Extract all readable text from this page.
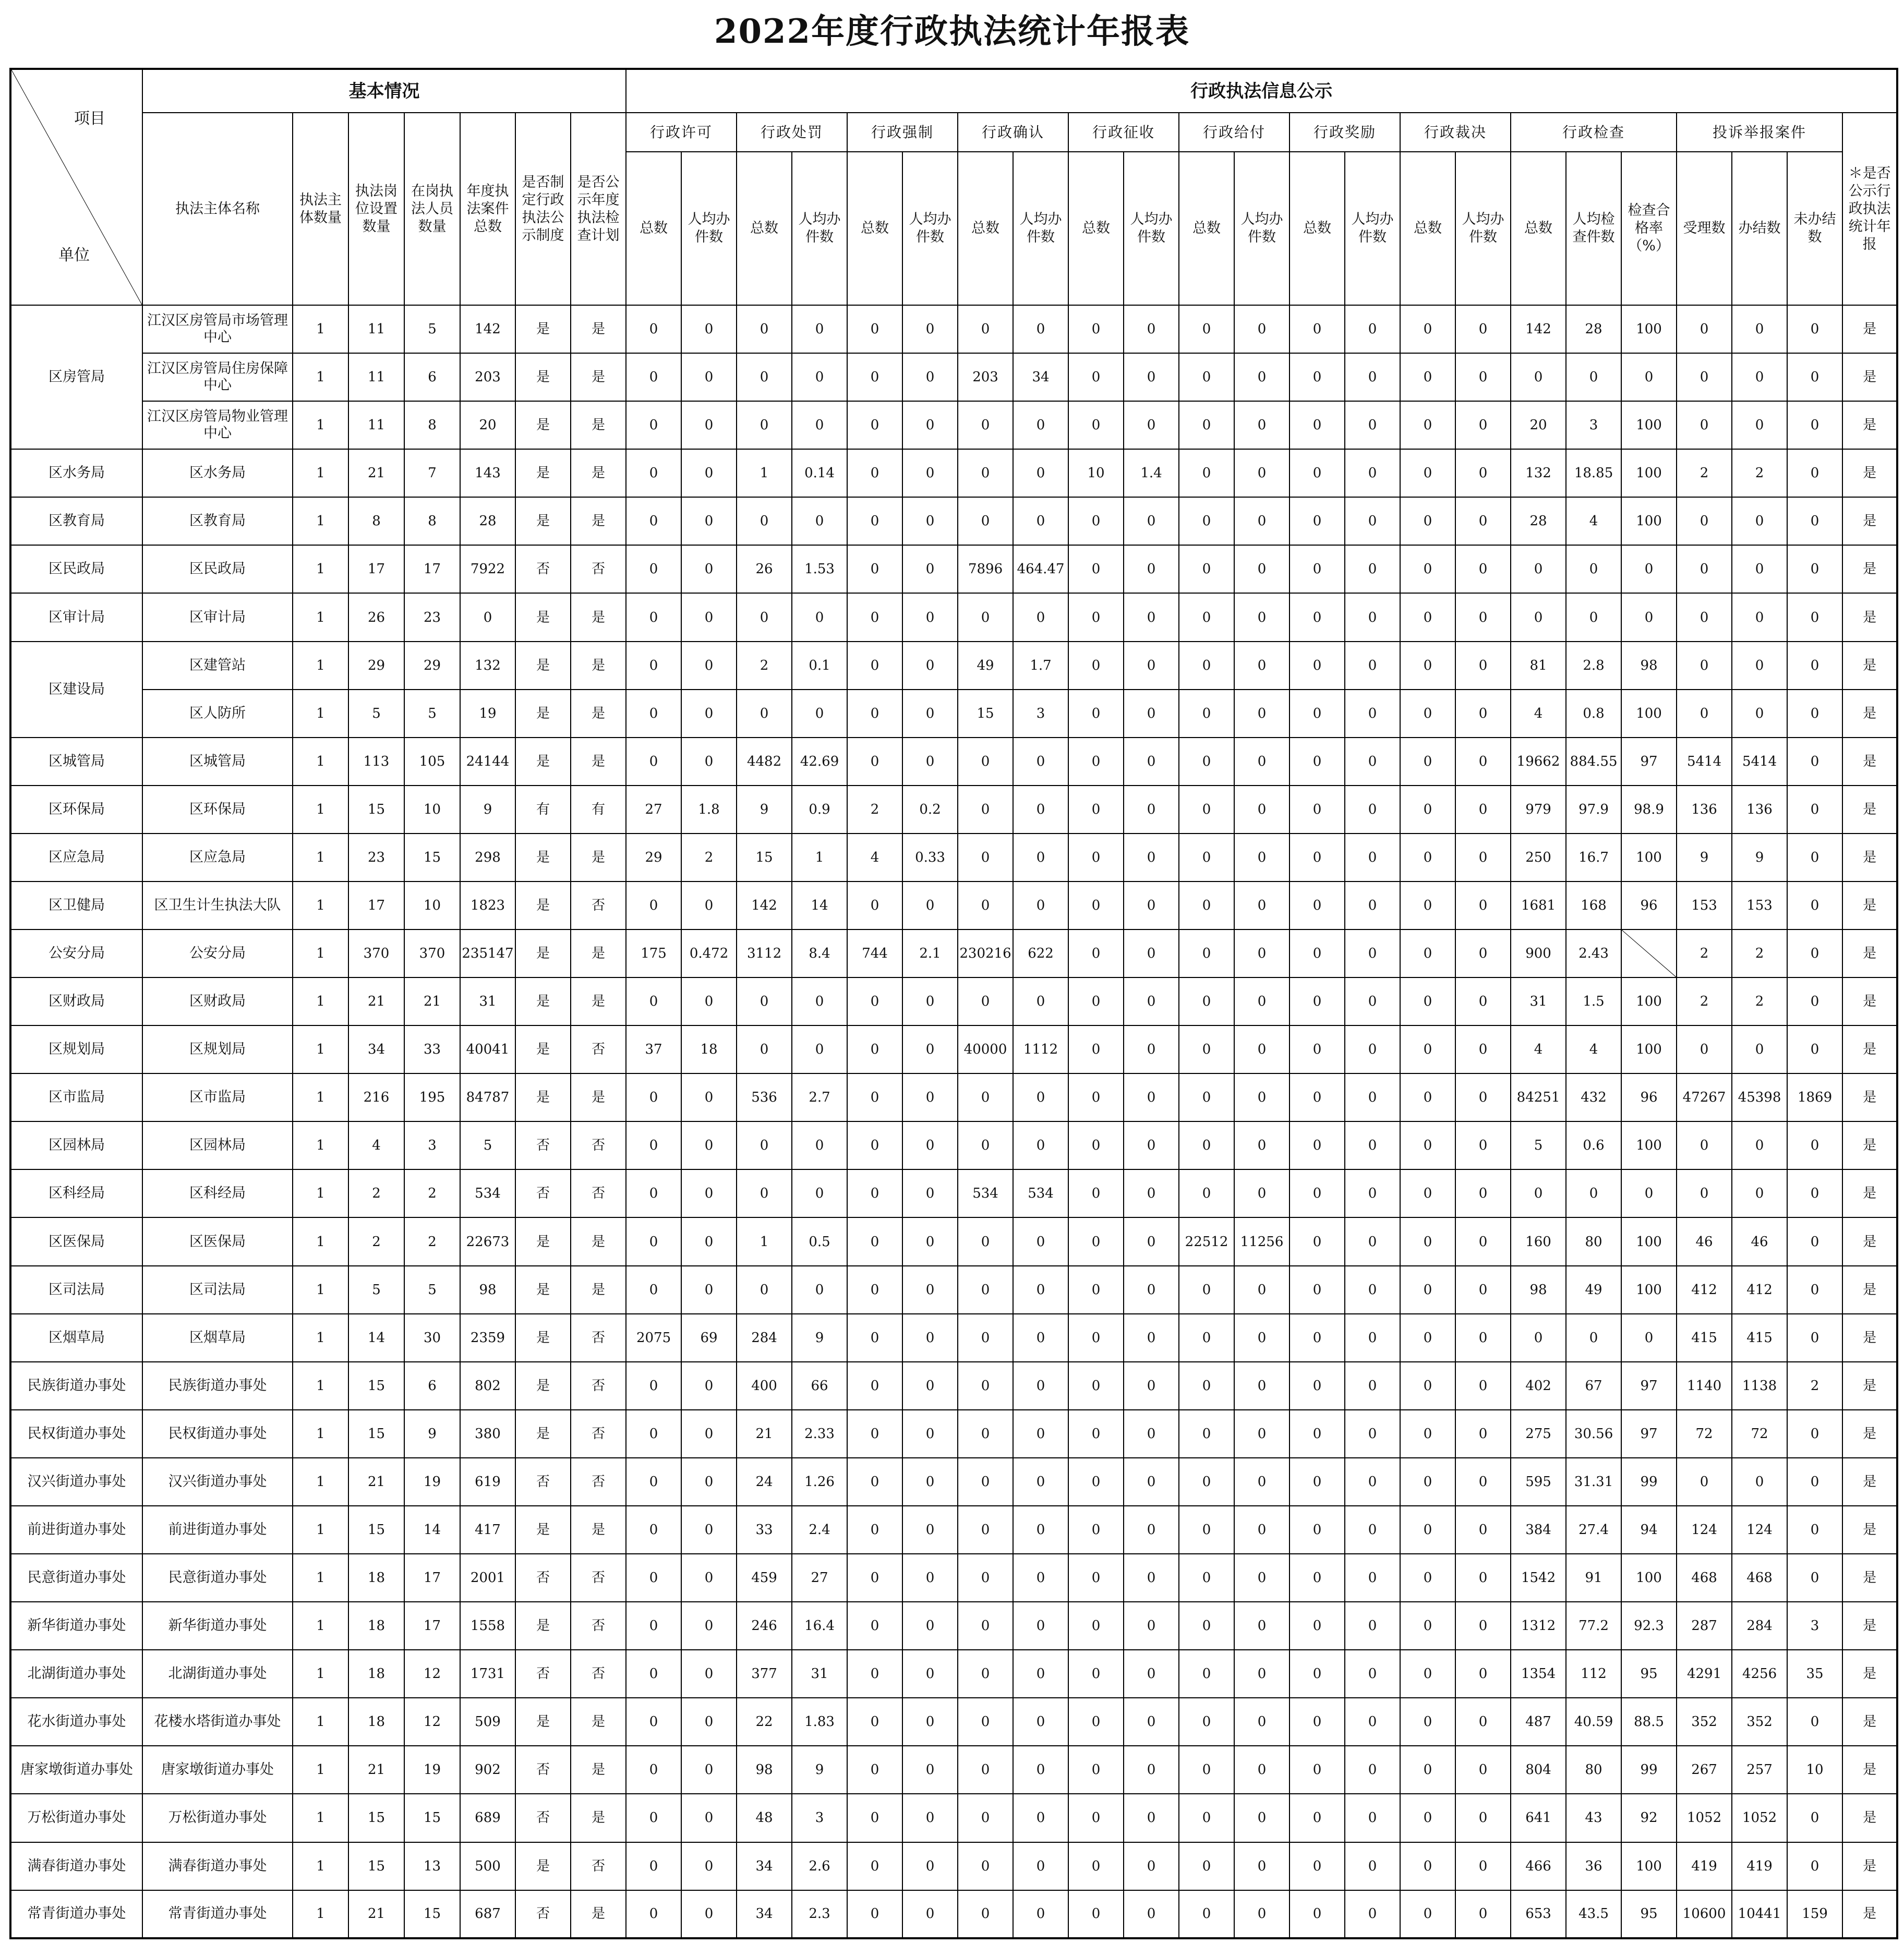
2022年度行政执法统计年报表
项目
单位	基本情况							行政执法信息公示																						
	执法主体名称	执法主体数量	执法岗位设置数量	在岗执法人员数量	年度执法案件总数	是否制定行政执法公示制度	是否公示年度执法检查计划	行政许可		行政处罚		行政强制		行政确认		行政征收		行政给付		行政奖励		行政裁决		行政检查			投诉举报案件			＊是否公示行政执法统计年报
								总数	人均办件数	总数	人均办件数	总数	人均办件数	总数	人均办件数	总数	人均办件数	总数	人均办件数	总数	人均办件数	总数	人均办件数	总数	人均检查件数	检查合格率（%）	受理数	办结数	未办结数	
区房管局	江汉区房管局市场管理中心	1	11	5	142	是	是	0	0	0	0	0	0	0	0	0	0	0	0	0	0	0	0	142	28	100	0	0	0	是
	江汉区房管局住房保障中心	1	11	6	203	是	是	0	0	0	0	0	0	203	34	0	0	0	0	0	0	0	0	0	0	0	0	0	0	是
	江汉区房管局物业管理中心	1	11	8	20	是	是	0	0	0	0	0	0	0	0	0	0	0	0	0	0	0	0	20	3	100	0	0	0	是
区水务局	区水务局	1	21	7	143	是	是	0	0	1	0.14	0	0	0	0	10	1.4	0	0	0	0	0	0	132	18.85	100	2	2	0	是
区教育局	区教育局	1	8	8	28	是	是	0	0	0	0	0	0	0	0	0	0	0	0	0	0	0	0	28	4	100	0	0	0	是
区民政局	区民政局	1	17	17	7922	否	否	0	0	26	1.53	0	0	7896	464.47	0	0	0	0	0	0	0	0	0	0	0	0	0	0	是
区审计局	区审计局	1	26	23	0	是	是	0	0	0	0	0	0	0	0	0	0	0	0	0	0	0	0	0	0	0	0	0	0	是
区建设局	区建管站	1	29	29	132	是	是	0	0	2	0.1	0	0	49	1.7	0	0	0	0	0	0	0	0	81	2.8	98	0	0	0	是
	区人防所	1	5	5	19	是	是	0	0	0	0	0	0	15	3	0	0	0	0	0	0	0	0	4	0.8	100	0	0	0	是
区城管局	区城管局	1	113	105	24144	是	是	0	0	4482	42.69	0	0	0	0	0	0	0	0	0	0	0	0	19662	884.55	97	5414	5414	0	是
区环保局	区环保局	1	15	10	9	有	有	27	1.8	9	0.9	2	0.2	0	0	0	0	0	0	0	0	0	0	979	97.9	98.9	136	136	0	是
区应急局	区应急局	1	23	15	298	是	是	29	2	15	1	4	0.33	0	0	0	0	0	0	0	0	0	0	250	16.7	100	9	9	0	是
区卫健局	区卫生计生执法大队	1	17	10	1823	是	否	0	0	142	14	0	0	0	0	0	0	0	0	0	0	0	0	1681	168	96	153	153	0	是
公安分局	公安分局	1	370	370	235147	是	是	175	0.472	3112	8.4	744	2.1	230216	622	0	0	0	0	0	0	0	0	900	2.43		2	2	0	是
区财政局	区财政局	1	21	21	31	是	是	0	0	0	0	0	0	0	0	0	0	0	0	0	0	0	0	31	1.5	100	2	2	0	是
区规划局	区规划局	1	34	33	40041	是	否	37	18	0	0	0	0	40000	1112	0	0	0	0	0	0	0	0	4	4	100	0	0	0	是
区市监局	区市监局	1	216	195	84787	是	是	0	0	536	2.7	0	0	0	0	0	0	0	0	0	0	0	0	84251	432	96	47267	45398	1869	是
区园林局	区园林局	1	4	3	5	否	否	0	0	0	0	0	0	0	0	0	0	0	0	0	0	0	0	5	0.6	100	0	0	0	是
区科经局	区科经局	1	2	2	534	否	否	0	0	0	0	0	0	534	534	0	0	0	0	0	0	0	0	0	0	0	0	0	0	是
区医保局	区医保局	1	2	2	22673	是	是	0	0	1	0.5	0	0	0	0	0	0	22512	11256	0	0	0	0	160	80	100	46	46	0	是
区司法局	区司法局	1	5	5	98	是	是	0	0	0	0	0	0	0	0	0	0	0	0	0	0	0	0	98	49	100	412	412	0	是
区烟草局	区烟草局	1	14	30	2359	是	否	2075	69	284	9	0	0	0	0	0	0	0	0	0	0	0	0	0	0	0	415	415	0	是
民族街道办事处	民族街道办事处	1	15	6	802	是	否	0	0	400	66	0	0	0	0	0	0	0	0	0	0	0	0	402	67	97	1140	1138	2	是
民权街道办事处	民权街道办事处	1	15	9	380	是	否	0	0	21	2.33	0	0	0	0	0	0	0	0	0	0	0	0	275	30.56	97	72	72	0	是
汉兴街道办事处	汉兴街道办事处	1	21	19	619	否	否	0	0	24	1.26	0	0	0	0	0	0	0	0	0	0	0	0	595	31.31	99	0	0	0	是
前进街道办事处	前进街道办事处	1	15	14	417	是	是	0	0	33	2.4	0	0	0	0	0	0	0	0	0	0	0	0	384	27.4	94	124	124	0	是
民意街道办事处	民意街道办事处	1	18	17	2001	否	否	0	0	459	27	0	0	0	0	0	0	0	0	0	0	0	0	1542	91	100	468	468	0	是
新华街道办事处	新华街道办事处	1	18	17	1558	是	否	0	0	246	16.4	0	0	0	0	0	0	0	0	0	0	0	0	1312	77.2	92.3	287	284	3	是
北湖街道办事处	北湖街道办事处	1	18	12	1731	否	否	0	0	377	31	0	0	0	0	0	0	0	0	0	0	0	0	1354	112	95	4291	4256	35	是
花水街道办事处	花楼水塔街道办事处	1	18	12	509	是	是	0	0	22	1.83	0	0	0	0	0	0	0	0	0	0	0	0	487	40.59	88.5	352	352	0	是
唐家墩街道办事处	唐家墩街道办事处	1	21	19	902	否	是	0	0	98	9	0	0	0	0	0	0	0	0	0	0	0	0	804	80	99	267	257	10	是
万松街道办事处	万松街道办事处	1	15	15	689	否	是	0	0	48	3	0	0	0	0	0	0	0	0	0	0	0	0	641	43	92	1052	1052	0	是
满春街道办事处	满春街道办事处	1	15	13	500	是	否	0	0	34	2.6	0	0	0	0	0	0	0	0	0	0	0	0	466	36	100	419	419	0	是
常青街道办事处	常青街道办事处	1	21	15	687	否	是	0	0	34	2.3	0	0	0	0	0	0	0	0	0	0	0	0	653	43.5	95	10600	10441	159	是
